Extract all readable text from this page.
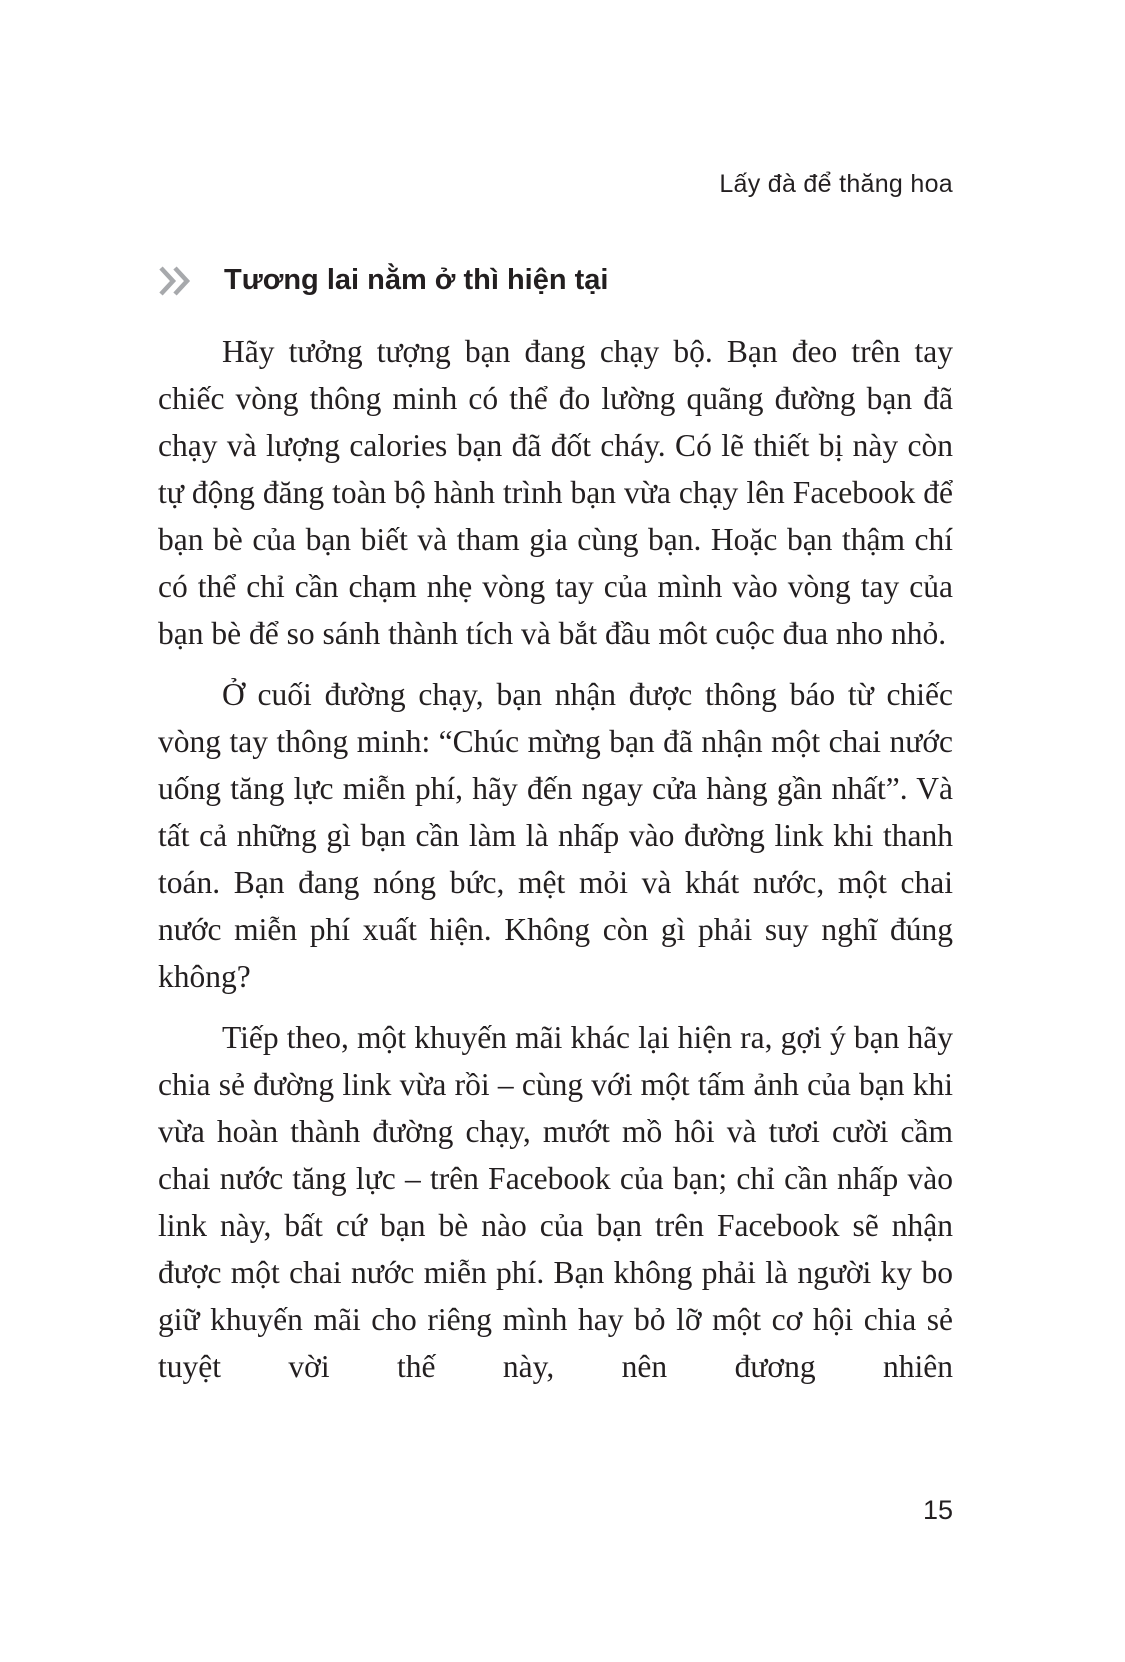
Lấy đà để thăng hoa
Tương lai nằm ở thì hiện tại

Hãy tưởng tượng bạn đang chạy bộ. Bạn đeo trên tay chiếc vòng thông minh có thể đo lường quãng đường bạn đã chạy và lượng calories bạn đã đốt cháy. Có lẽ thiết bị này còn tự động đăng toàn bộ hành trình bạn vừa chạy lên Facebook để bạn bè của bạn biết và tham gia cùng bạn. Hoặc bạn thậm chí có thể chỉ cần chạm nhẹ vòng tay của mình vào vòng tay của bạn bè để so sánh thành tích và bắt đầu môt cuộc đua nho nhỏ.

Ở cuối đường chạy, bạn nhận được thông báo từ chiếc vòng tay thông minh: “Chúc mừng bạn đã nhận một chai nước uống tăng lực miễn phí, hãy đến ngay cửa hàng gần nhất”. Và tất cả những gì bạn cần làm là nhấp vào đường link khi thanh toán. Bạn đang nóng bức, mệt mỏi và khát nước, một chai nước miễn phí xuất hiện. Không còn gì phải suy nghĩ đúng không?

Tiếp theo, một khuyến mãi khác lại hiện ra, gợi ý bạn hãy chia sẻ đường link vừa rồi – cùng với một tấm ảnh của bạn khi vừa hoàn thành đường chạy, mướt mồ hôi và tươi cười cầm chai nước tăng lực – trên Facebook của bạn; chỉ cần nhấp vào link này, bất cứ bạn bè nào của bạn trên Facebook sẽ nhận được một chai nước miễn phí. Bạn không phải là người ky bo giữ khuyến mãi cho riêng mình hay bỏ lỡ một cơ hội chia sẻ tuyệt vời thế này, nên đương nhiên

15
